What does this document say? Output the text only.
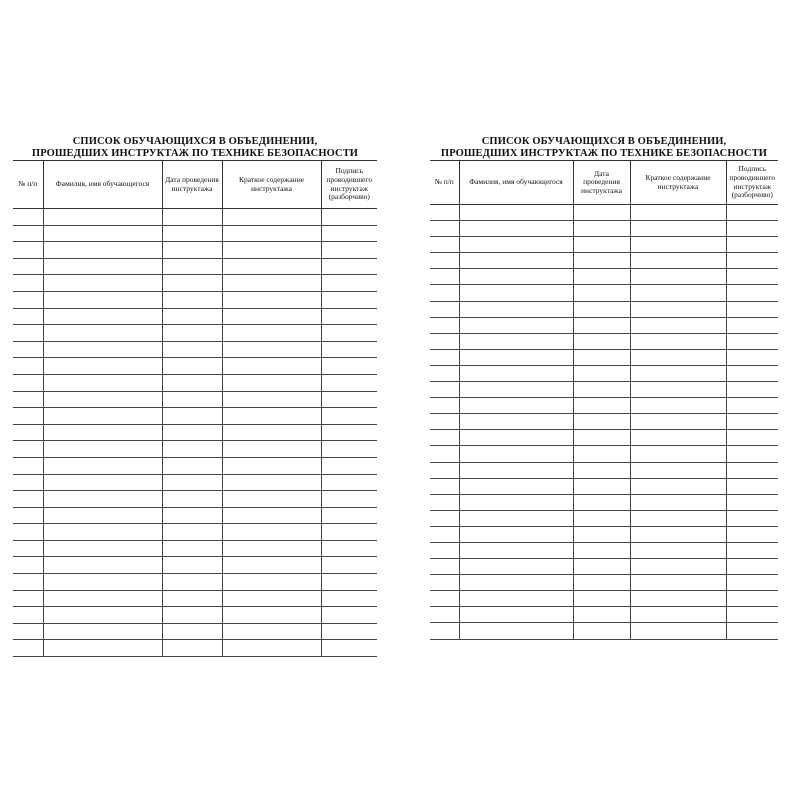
СПИСОК ОБУЧАЮЩИХСЯ В ОБЪЕДИНЕНИИ,
ПРОШЕДШИХ ИНСТРУКТАЖ ПО ТЕХНИКЕ БЕЗОПАСНОСТИ
№ п/п	Фамилия, имя обучающегося	Дата проведения инструктажа	Краткое содержание инструктажа	Подпись проводившего инструктаж (разборчиво)

СПИСОК ОБУЧАЮЩИХСЯ В ОБЪЕДИНЕНИИ,
ПРОШЕДШИХ ИНСТРУКТАЖ ПО ТЕХНИКЕ БЕЗОПАСНОСТИ
№ п/п	Фамилия, имя обучающегося	Дата проведения инструктажа	Краткое содержание инструктажа	Подпись проводившего инструктаж (разборчиво)
